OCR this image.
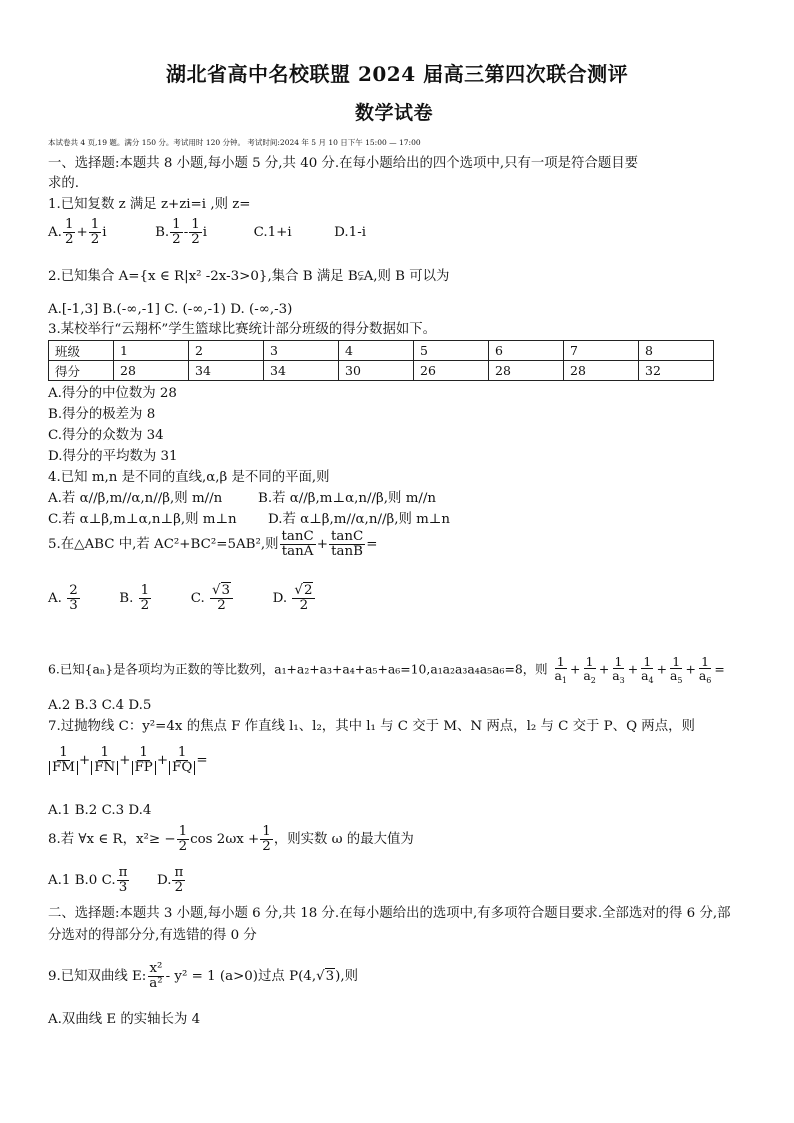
湖北省高中名校联盟 2024 届高三第四次联合测评
数学试卷
本试卷共 4 页,19 题。满分 150 分。考试用时 120 分钟。 考试时间:2024 年 5 月 10 日下午 15:00 — 17:00
一、选择题:本题共 8 小题,每小题 5 分,共 40 分.在每小题给出的四个选项中,只有一项是符合题目要
求的.
1.已知复数 z 满足 z+zi=i ,则 z=
A. $\frac{1}{2} + \frac{1}{2}$ i	B. $\frac{1}{2} - \frac{1}{2}$ i	C.1+i	D.1-i
2.已知集合 A={x ∈ R|x² -2x-3>0},集合 B 满足 B⫋A,则 B 可以为
A.[-1,3] B.(-∞,-1] C. (-∞,-1) D. (-∞,-3)
3.某校举行“云翔杯”学生篮球比赛统计部分班级的得分数据如下。
班级	1	2	3	4	5	6	7	8
得分	28	34	34	30	26	28	28	32
A.得分的中位数为 28
B.得分的极差为 8
C.得分的众数为 34
D.得分的平均数为 31
4.已知 m,n 是不同的直线,α,β 是不同的平面,则
A.若 α//β,m//α,n//β,则 m//n	B.若 α//β,m⊥α,n//β,则 m//n
C.若 α⊥β,m⊥α,n⊥β,则 m⊥n D.若 α⊥β,m//α,n//β,则 m⊥n
5.在△ABC 中,若 AC²+BC²=5AB²,则 $\frac{\tan C}{\tan A} + \frac{\tan C}{\tan B}$ =
A. $\frac{2}{3}$	B. $\frac{1}{2}$	C. $\frac{√3}{2}$	D. $\frac{√2}{2}$
6.已知{aₙ}是各项均为正数的等比数列，a₁+a₂+a₃+a₄+a₅+a₆=10,a₁a₂a₃a₄a₅a₆=8，则 $\frac{1}{a_1} + \frac{1}{a_2} + \frac{1}{a_3} + \frac{1}{a_4} + \frac{1}{a_5} + \frac{1}{a_6}$ =
A.2 B.3 C.4 D.5
7.过抛物线 C：y²=4x 的焦点 F 作直线 l₁、l₂，其中 l₁ 与 C 交于 M、N 两点，l₂ 与 C 交于 P、Q 两点，则
$\frac{1}{FM} + \frac{1}{FN} + \frac{1}{FP} + \frac{1}{FQ}$ =
A.1 B.2 C.3 D.4
8.若 ∀x ∈ R，$x^2\ge - \frac{1}{2}$ $\cos 2\omega x + \frac{1}{2}$ ，则实数 ω 的最大值为
A.1 B.0 C. $\frac{\pi}{3} D$. $\frac{\pi}{2}$
二、选择题:本题共 3 小题,每小题 6 分,共 18 分.在每小题给出的选项中,有多项符合题目要求.全部选对的得 6 分,部
分选对的得部分分,有选错的得 0 分
9.已知双曲线 E: $\frac{\text{x²}}{\text{a²}} - y^2 = 1$ (a>0)过点 P(4,√3),则
A.双曲线 E 的实轴长为 4
